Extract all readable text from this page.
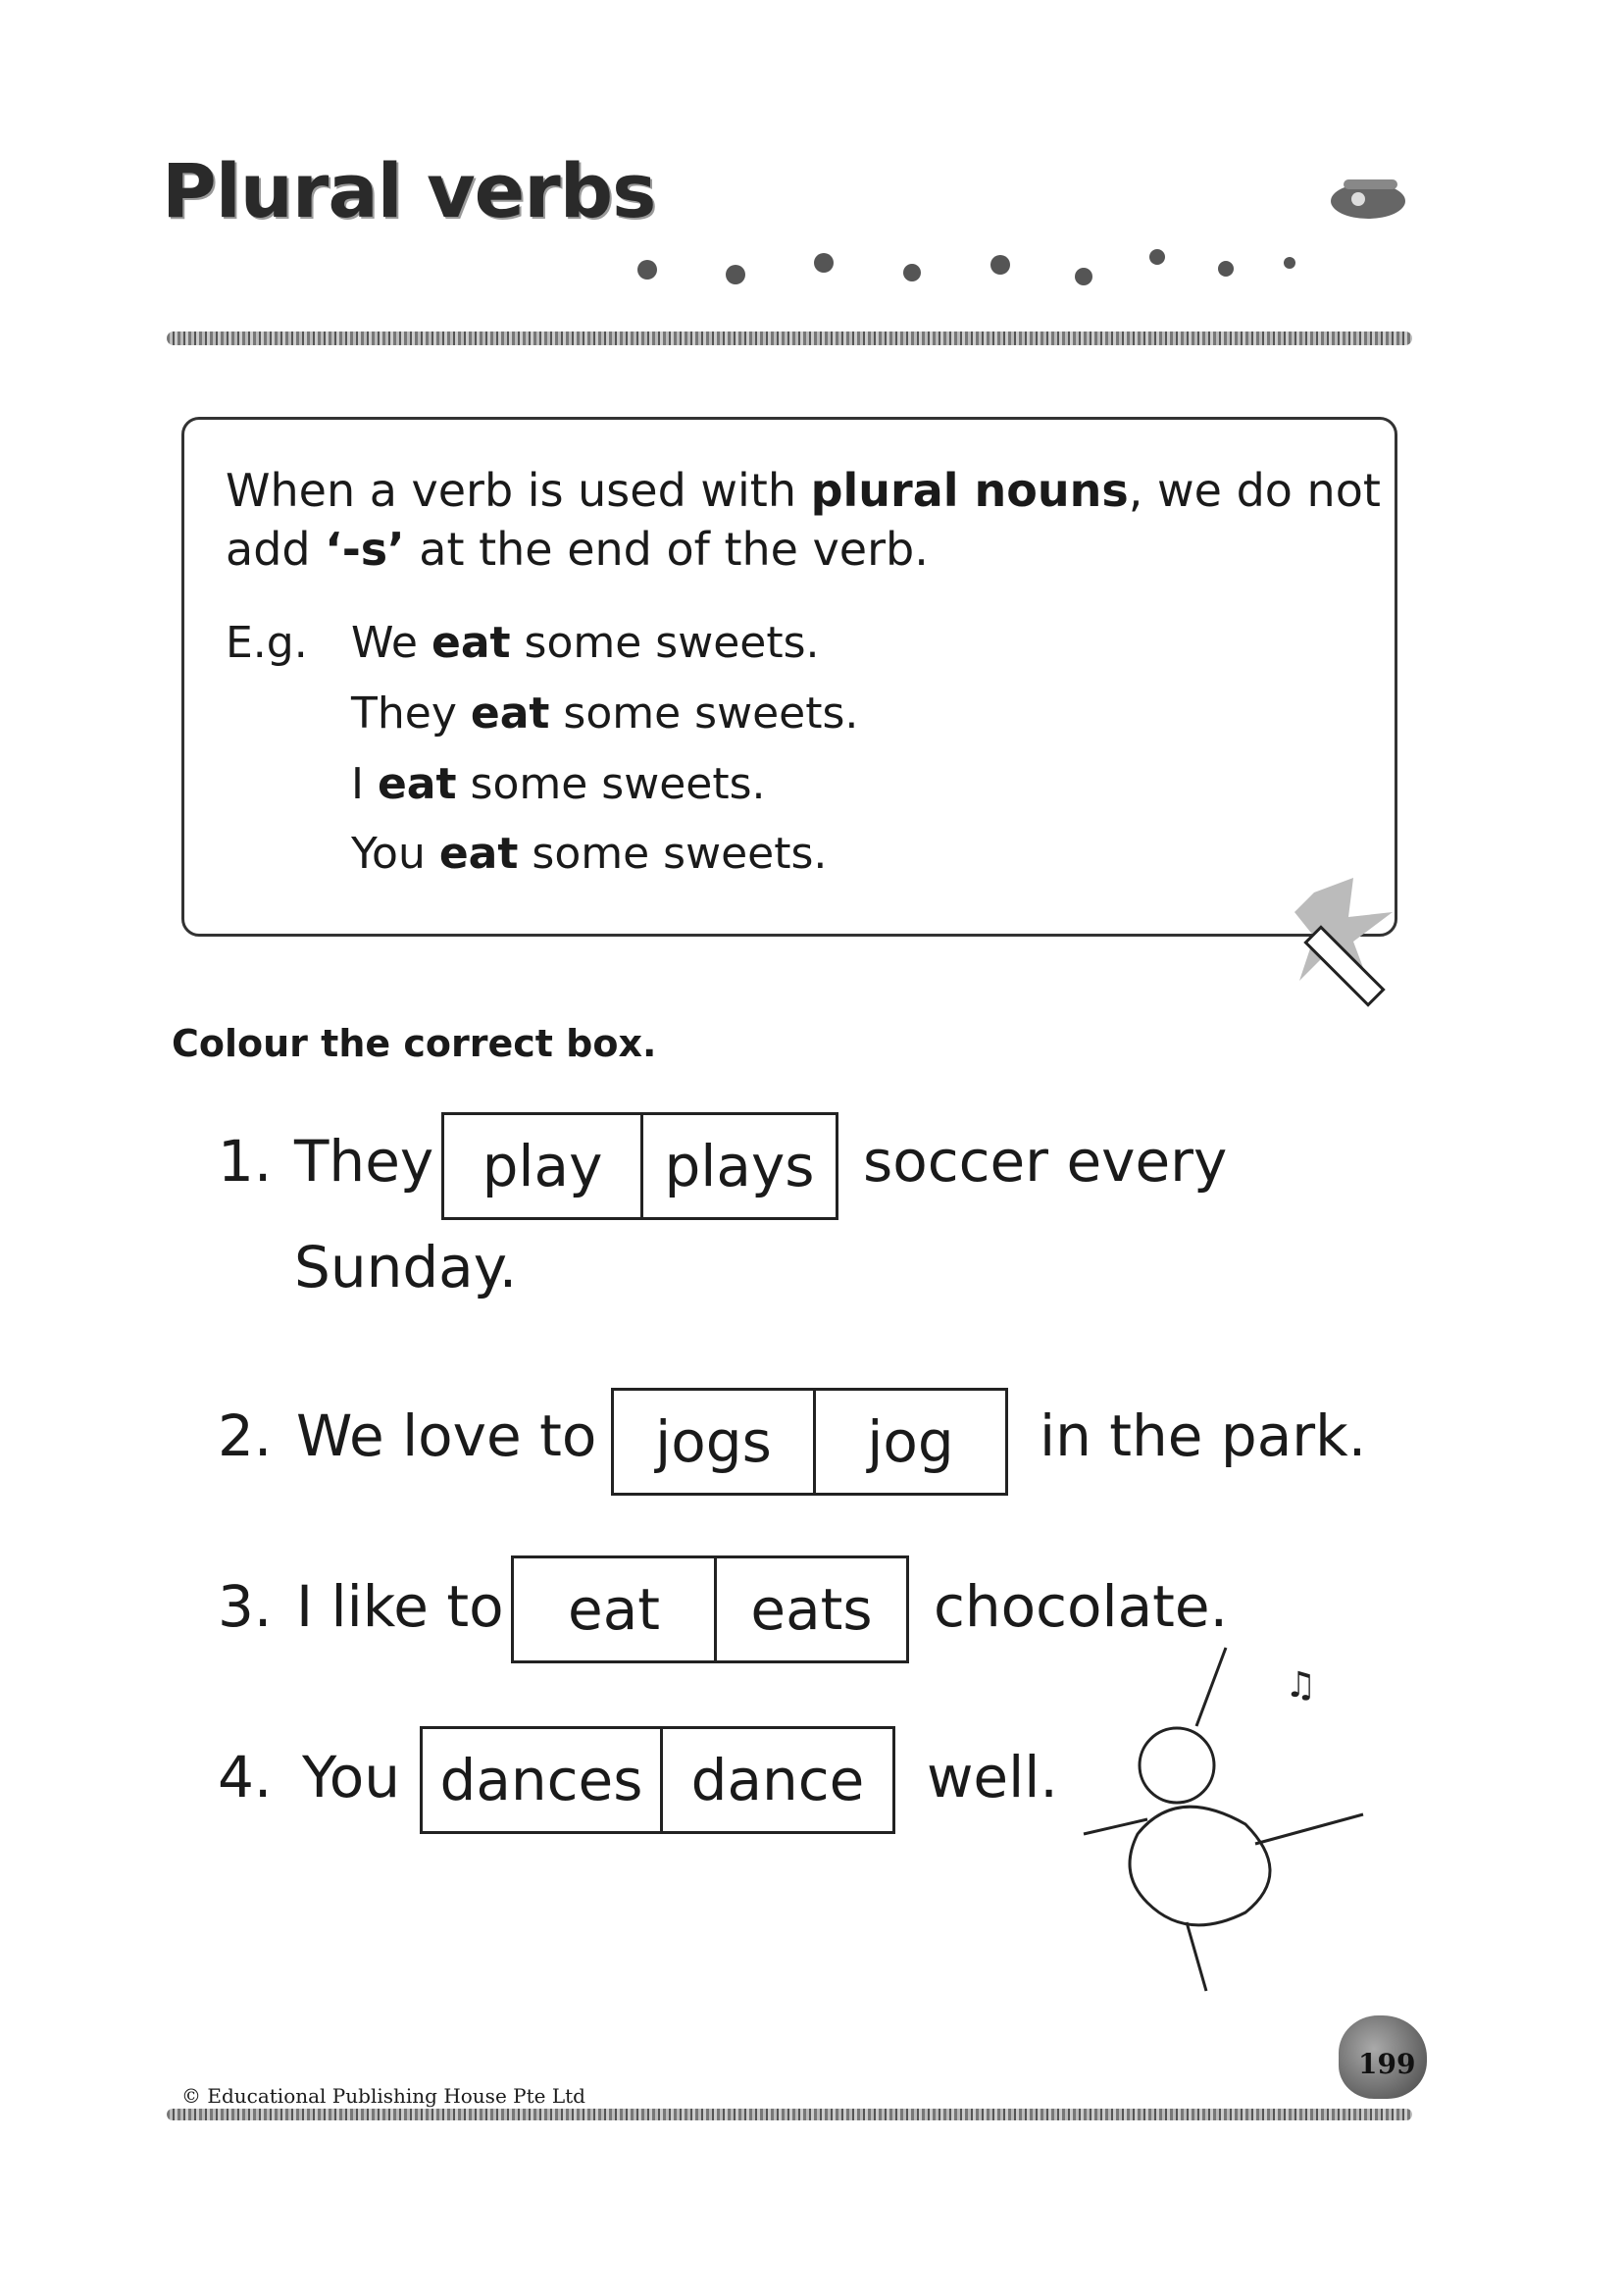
Plural verbs

When a verb is used with plural nouns, we do not
add ‘-s’ at the end of the verb.

E.g. We eat some sweets.
They eat some sweets.
I eat some sweets.
You eat some sweets.
Colour the correct box.
1. They play	plays soccer every
Sunday.
2. We love to	jogs	jog	in the park.
3. I like to	eat	eats	chocolate.
4. You dances dance	well.
♫
© Educational Publishing House Pte Ltd
199
